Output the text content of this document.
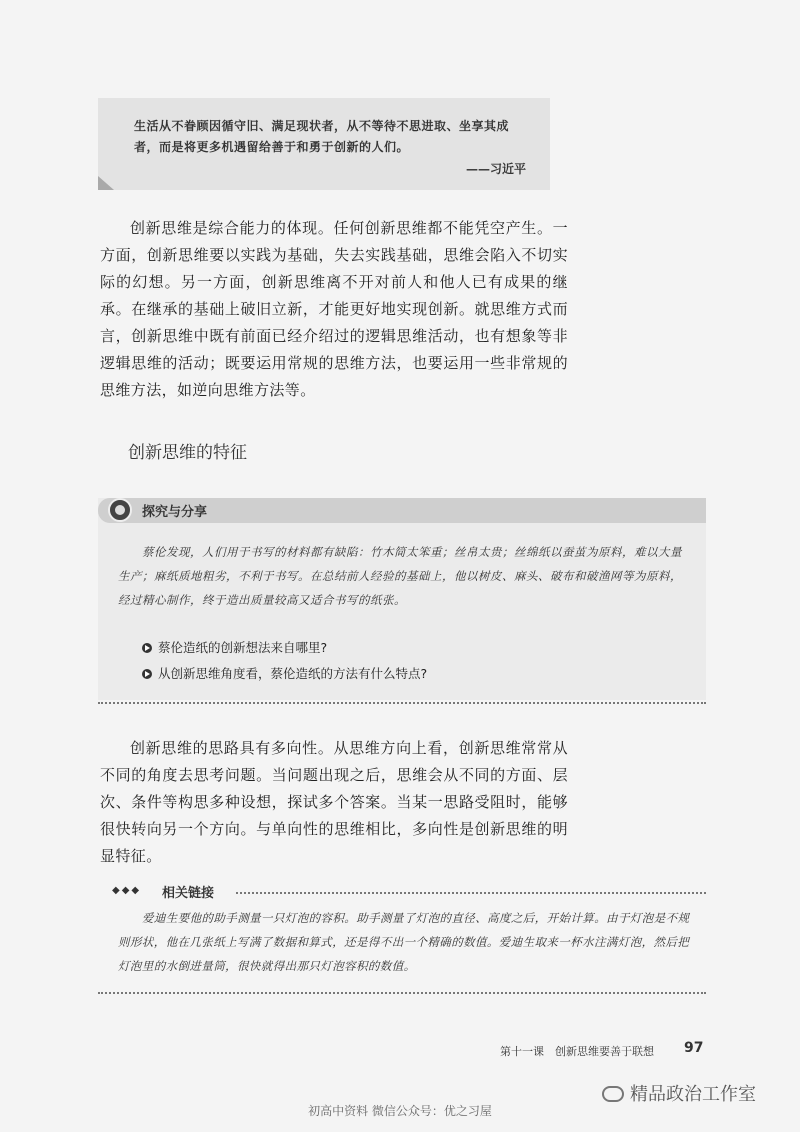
生活从不眷顾因循守旧、满足现状者，从不等待不思进取、坐享其成者，而是将更多机遇留给善于和勇于创新的人们。
——习近平
创新思维是综合能力的体现。任何创新思维都不能凭空产生。一方面，创新思维要以实践为基础，失去实践基础，思维会陷入不切实际的幻想。另一方面，创新思维离不开对前人和他人已有成果的继承。在继承的基础上破旧立新，才能更好地实现创新。就思维方式而言，创新思维中既有前面已经介绍过的逻辑思维活动，也有想象等非逻辑思维的活动；既要运用常规的思维方法，也要运用一些非常规的思维方法，如逆向思维方法等。
创新思维的特征
探究与分享
蔡伦发现，人们用于书写的材料都有缺陷：竹木简太笨重；丝帛太贵；丝绵纸以蚕茧为原料，难以大量生产；麻纸质地粗劣，不利于书写。在总结前人经验的基础上，他以树皮、麻头、破布和破渔网等为原料，经过精心制作，终于造出质量较高又适合书写的纸张。
蔡伦造纸的创新想法来自哪里?
从创新思维角度看，蔡伦造纸的方法有什么特点?
创新思维的思路具有多向性。从思维方向上看，创新思维常常从不同的角度去思考问题。当问题出现之后，思维会从不同的方面、层次、条件等构思多种设想，探试多个答案。当某一思路受阻时，能够很快转向另一个方向。与单向性的思维相比，多向性是创新思维的明显特征。
◆◆◆ 相关链接
爱迪生要他的助手测量一只灯泡的容积。助手测量了灯泡的直径、高度之后，开始计算。由于灯泡是不规则形状，他在几张纸上写满了数据和算式，还是得不出一个精确的数值。爱迪生取来一杯水注满灯泡，然后把灯泡里的水倒进量筒，很快就得出那只灯泡容积的数值。
第十一课　创新思维要善于联想 97
精品政治工作室
初高中资料 微信公众号：优之习屋
